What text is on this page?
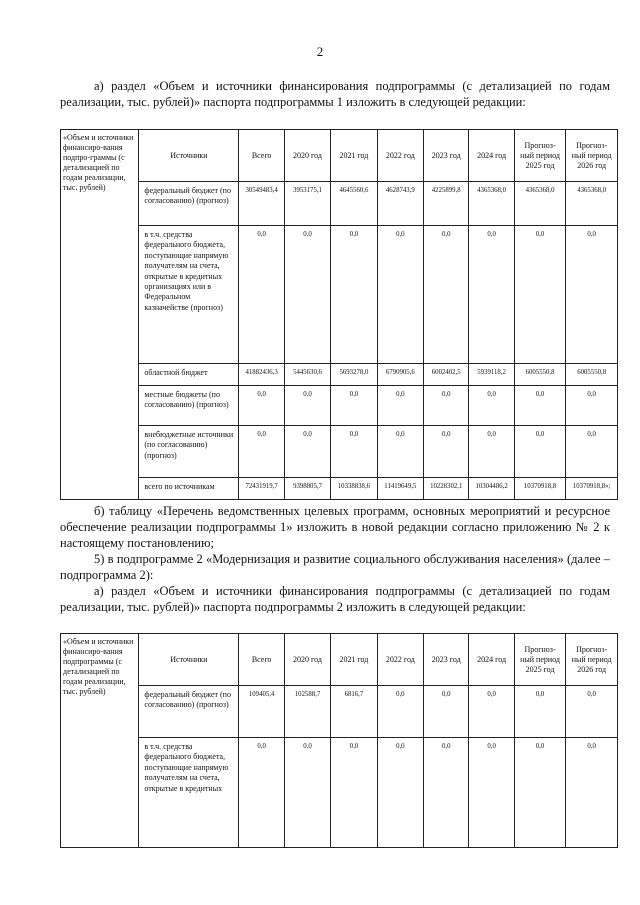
2
а) раздел «Объем и источники финансирования подпрограммы (с детализацией по годам реализации, тыс. рублей)» паспорта подпрограммы 1 изложить в следующей редакции:
«Объем и источники финансиро-вания подпро-граммы (с детализацией по годам реализации, тыс. рублей)	Источники	Всего	2020 год	2021 год	2022 год	2023 год	2024 год	Прогноз-ный период 2025 год	Прогноз-ный период 2026 год
	федеральный бюджет (по согласованию) (прогноз)	30549483,4	3953175,1	4645560,6	4628743,9	4225899,8	4365368,0	4365368,0	4365368,0
	в т.ч. средства федерального бюджета, поступающие напрямую получателям на счета, открытые в кредитных организациях или в Федеральном казначействе (прогноз)	0,0	0,0	0,0	0,0	0,0	0,0	0,0	0,0
	областной бюджет	41882436,3	5445630,6	5693278,0	6790905,6	6002402,5	5939118,2	6005550,8	6005550,8
	местные бюджеты (по согласованию) (прогноз)	0,0	0,0	0,0	0,0	0,0	0,0	0,0	0,0
	внебюджетные источники (по согласованию) (прогноз)	0,0	0,0	0,0	0,0	0,0	0,0	0,0	0,0
	всего по источникам	72431919,7	9398805,7	10338838,6	11419649,5	10228302,1	10304486,2	10370918,8	10370918,8»;
б) таблицу «Перечень ведомственных целевых программ, основных мероприятий и ресурсное обеспечение реализации подпрограммы 1» изложить в новой редакции согласно приложению № 2 к настоящему постановлению;
5) в подпрограмме 2 «Модернизация и развитие социального обслуживания населения» (далее – подпрограмма 2):
а) раздел «Объем и источники финансирования подпрограммы (с детализацией по годам реализации, тыс. рублей)» паспорта подпрограммы 2 изложить в следующей редакции:
«Объем и источники финансиро-вания подпрограммы (с детализацией по годам реализации, тыс. рублей)	Источники	Всего	2020 год	2021 год	2022 год	2023 год	2024 год	Прогноз-ный период 2025 год	Прогноз-ный период 2026 год
	федеральный бюджет (по согласованию) (прогноз)	109405,4	102588,7	6816,7	0,0	0,0	0,0	0,0	0,0
	в т.ч. средства федерального бюджета, поступающие напрямую получателям на счета, открытые в кредитных	0,0	0,0	0,0	0,0	0,0	0,0	0,0	0,0
